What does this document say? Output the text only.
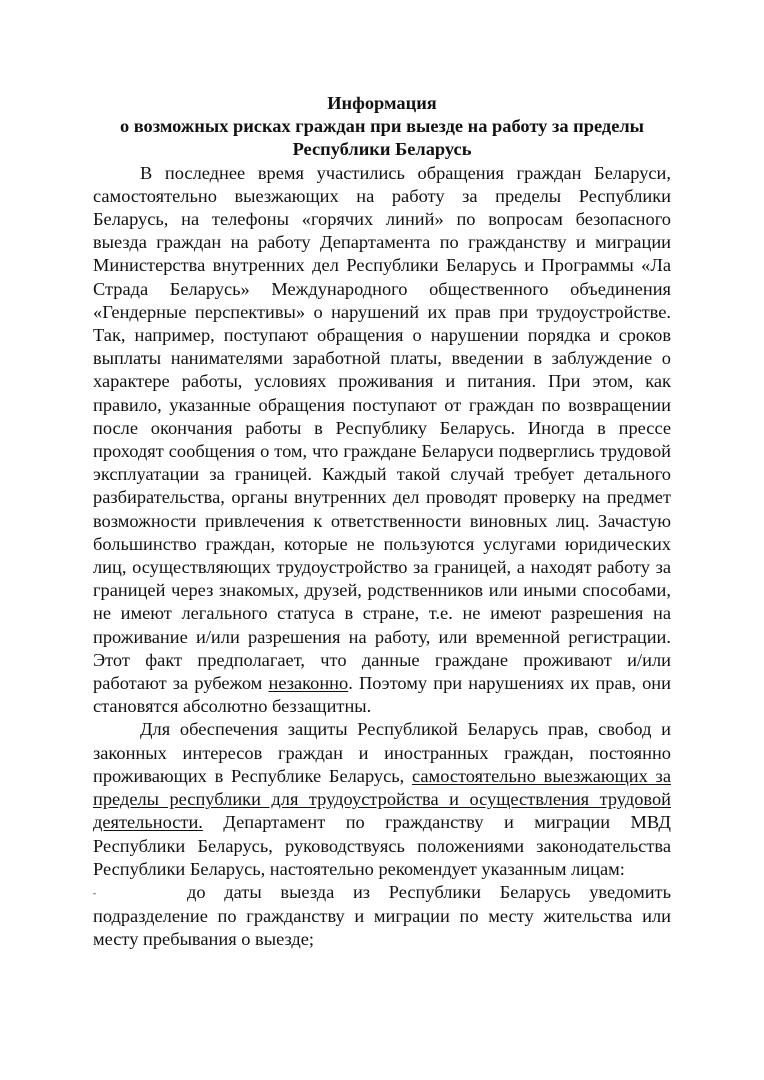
Информация
о возможных рисках граждан при выезде на работу за пределы
Республики Беларусь

В последнее время участились обращения граждан Беларуси, самостоятельно выезжающих на работу за пределы Республики Беларусь, на телефоны «горячих линий» по вопросам безопасного выезда граждан на работу Департамента по гражданству и миграции Министерства внутренних дел Республики Беларусь и Программы «Ла Страда Беларусь» Международного общественного объединения «Гендерные перспективы» о нарушений их прав при трудоустройстве. Так, например, поступают обращения о нарушении порядка и сроков выплаты нанимателями заработной платы, введении в заблуждение о характере работы, условиях проживания и питания. При этом, как правило, указанные обращения поступают от граждан по возвращении после окончания работы в Республику Беларусь. Иногда в прессе проходят сообщения о том, что граждане Беларуси подверглись трудовой эксплуатации за границей. Каждый такой случай требует детального разбирательства, органы внутренних дел проводят проверку на предмет возможности привлечения к ответственности виновных лиц. Зачастую большинство граждан, которые не пользуются услугами юридических лиц, осуществляющих трудоустройство за границей, а находят работу за границей через знакомых, друзей, родственников или иными способами, не имеют легального статуса в стране, т.е. не имеют разрешения на проживание и/или разрешения на работу, или временной регистрации. Этот факт предполагает, что данные граждане проживают и/или работают за рубежом незаконно. Поэтому при нарушениях их прав, они становятся абсолютно беззащитны.

Для обеспечения защиты Республикой Беларусь прав, свобод и законных интересов граждан и иностранных граждан, постоянно проживающих в Республике Беларусь, самостоятельно выезжающих за пределы республики для трудоустройства и осуществления трудовой деятельности. Департамент по гражданству и миграции МВД Республики Беларусь, руководствуясь положениями законодательства Республики Беларусь, настоятельно рекомендует указанным лицам:

-	до даты выезда из Республики Беларусь уведомить подразделение по гражданству и миграции по месту жительства или месту пребывания о выезде;
